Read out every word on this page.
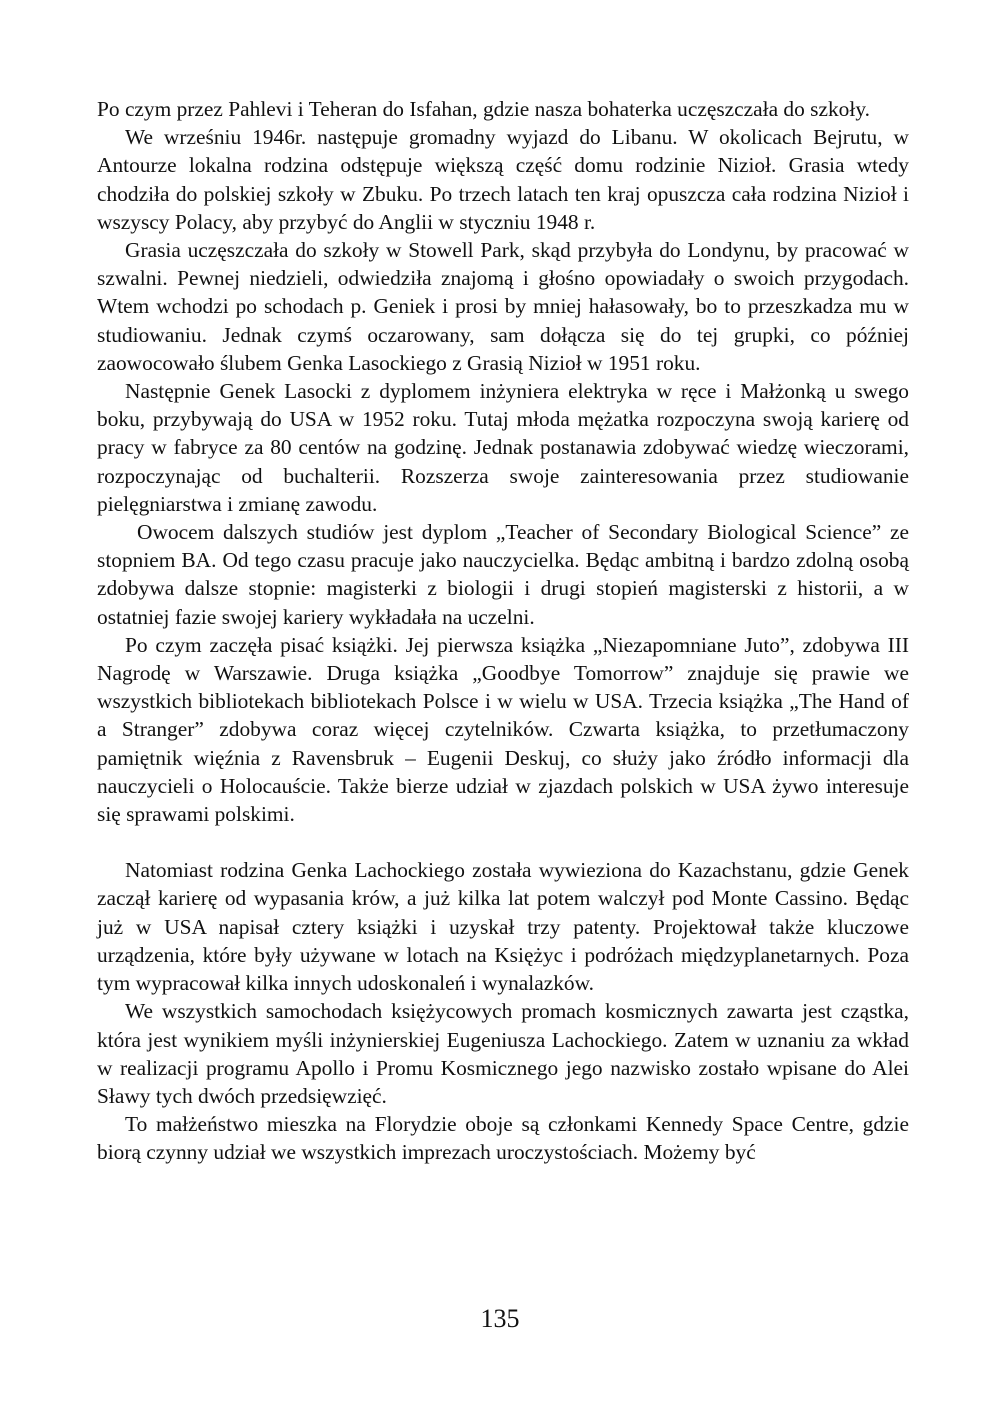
Po czym przez Pahlevi i Teheran do Isfahan, gdzie nasza bohaterka uczęszczała do szkoły.

We wrześniu 1946r. następuje gromadny wyjazd do Libanu. W okolicach Bejrutu, w Antourze lokalna rodzina odstępuje większą część domu rodzinie Nizioł. Grasia wtedy chodziła do polskiej szkoły w Zbuku. Po trzech latach ten kraj opuszcza cała rodzina Nizioł i wszyscy Polacy, aby przybyć do Anglii w styczniu 1948 r.

Grasia uczęszczała do szkoły w Stowell Park, skąd przybyła do Londynu, by pracować w szwalni. Pewnej niedzieli, odwiedziła znajomą i głośno opowiadały o swoich przygodach. Wtem wchodzi po schodach p. Geniek i prosi by mniej hałasowały, bo to przeszkadza mu w studiowaniu. Jednak czymś oczarowany, sam dołącza się do tej grupki, co później zaowocowało ślubem Genka Lasockiego z Grasią Nizioł w 1951 roku.

Następnie Genek Lasocki z dyplomem inżyniera elektryka w ręce i Małżonką u swego boku, przybywają do USA w 1952 roku. Tutaj młoda mężatka rozpoczyna swoją karierę od pracy w fabryce za 80 centów na godzinę. Jednak postanawia zdobywać wiedzę wieczorami, rozpoczynając od buchalterii. Rozszerza swoje zainteresowania przez studiowanie pielęgniarstwa i zmianę zawodu.

Owocem dalszych studiów jest dyplom „Teacher of Secondary Biological Science” ze stopniem BA. Od tego czasu pracuje jako nauczycielka. Będąc ambitną i bardzo zdolną osobą zdobywa dalsze stopnie: magisterki z biologii i drugi stopień magisterski z historii, a w ostatniej fazie swojej kariery wykładała na uczelni.

Po czym zaczęła pisać książki. Jej pierwsza książka „Niezapomniane Juto”, zdobywa III Nagrodę w Warszawie. Druga książka „Goodbye Tomorrow” znajduje się prawie we wszystkich bibliotekach bibliotekach Polsce i w wielu w USA. Trzecia książka „The Hand of a Stranger” zdobywa coraz więcej czytelników. Czwarta książka, to przetłumaczony pamiętnik więźnia z Ravensbruk – Eugenii Deskuj, co służy jako źródło informacji dla nauczycieli o Holocauście. Także bierze udział w zjazdach polskich w USA żywo interesuje się sprawami polskimi.

Natomiast rodzina Genka Lachockiego została wywieziona do Kazachstanu, gdzie Genek zaczął karierę od wypasania krów, a już kilka lat potem walczył pod Monte Cassino. Będąc już w USA napisał cztery książki i uzyskał trzy patenty. Projektował także kluczowe urządzenia, które były używane w lotach na Księżyc i podróżach międzyplanetarnych. Poza tym wypracował kilka innych udoskonaleń i wynalazków.

We wszystkich samochodach księżycowych promach kosmicznych zawarta jest cząstka, która jest wynikiem myśli inżynierskiej Eugeniusza Lachockiego. Zatem w uznaniu za wkład w realizacji programu Apollo i Promu Kosmicznego jego nazwisko zostało wpisane do Alei Sławy tych dwóch przedsięwzięć.

To małżeństwo mieszka na Florydzie oboje są członkami Kennedy Space Centre, gdzie biorą czynny udział we wszystkich imprezach uroczystościach. Możemy być

135
